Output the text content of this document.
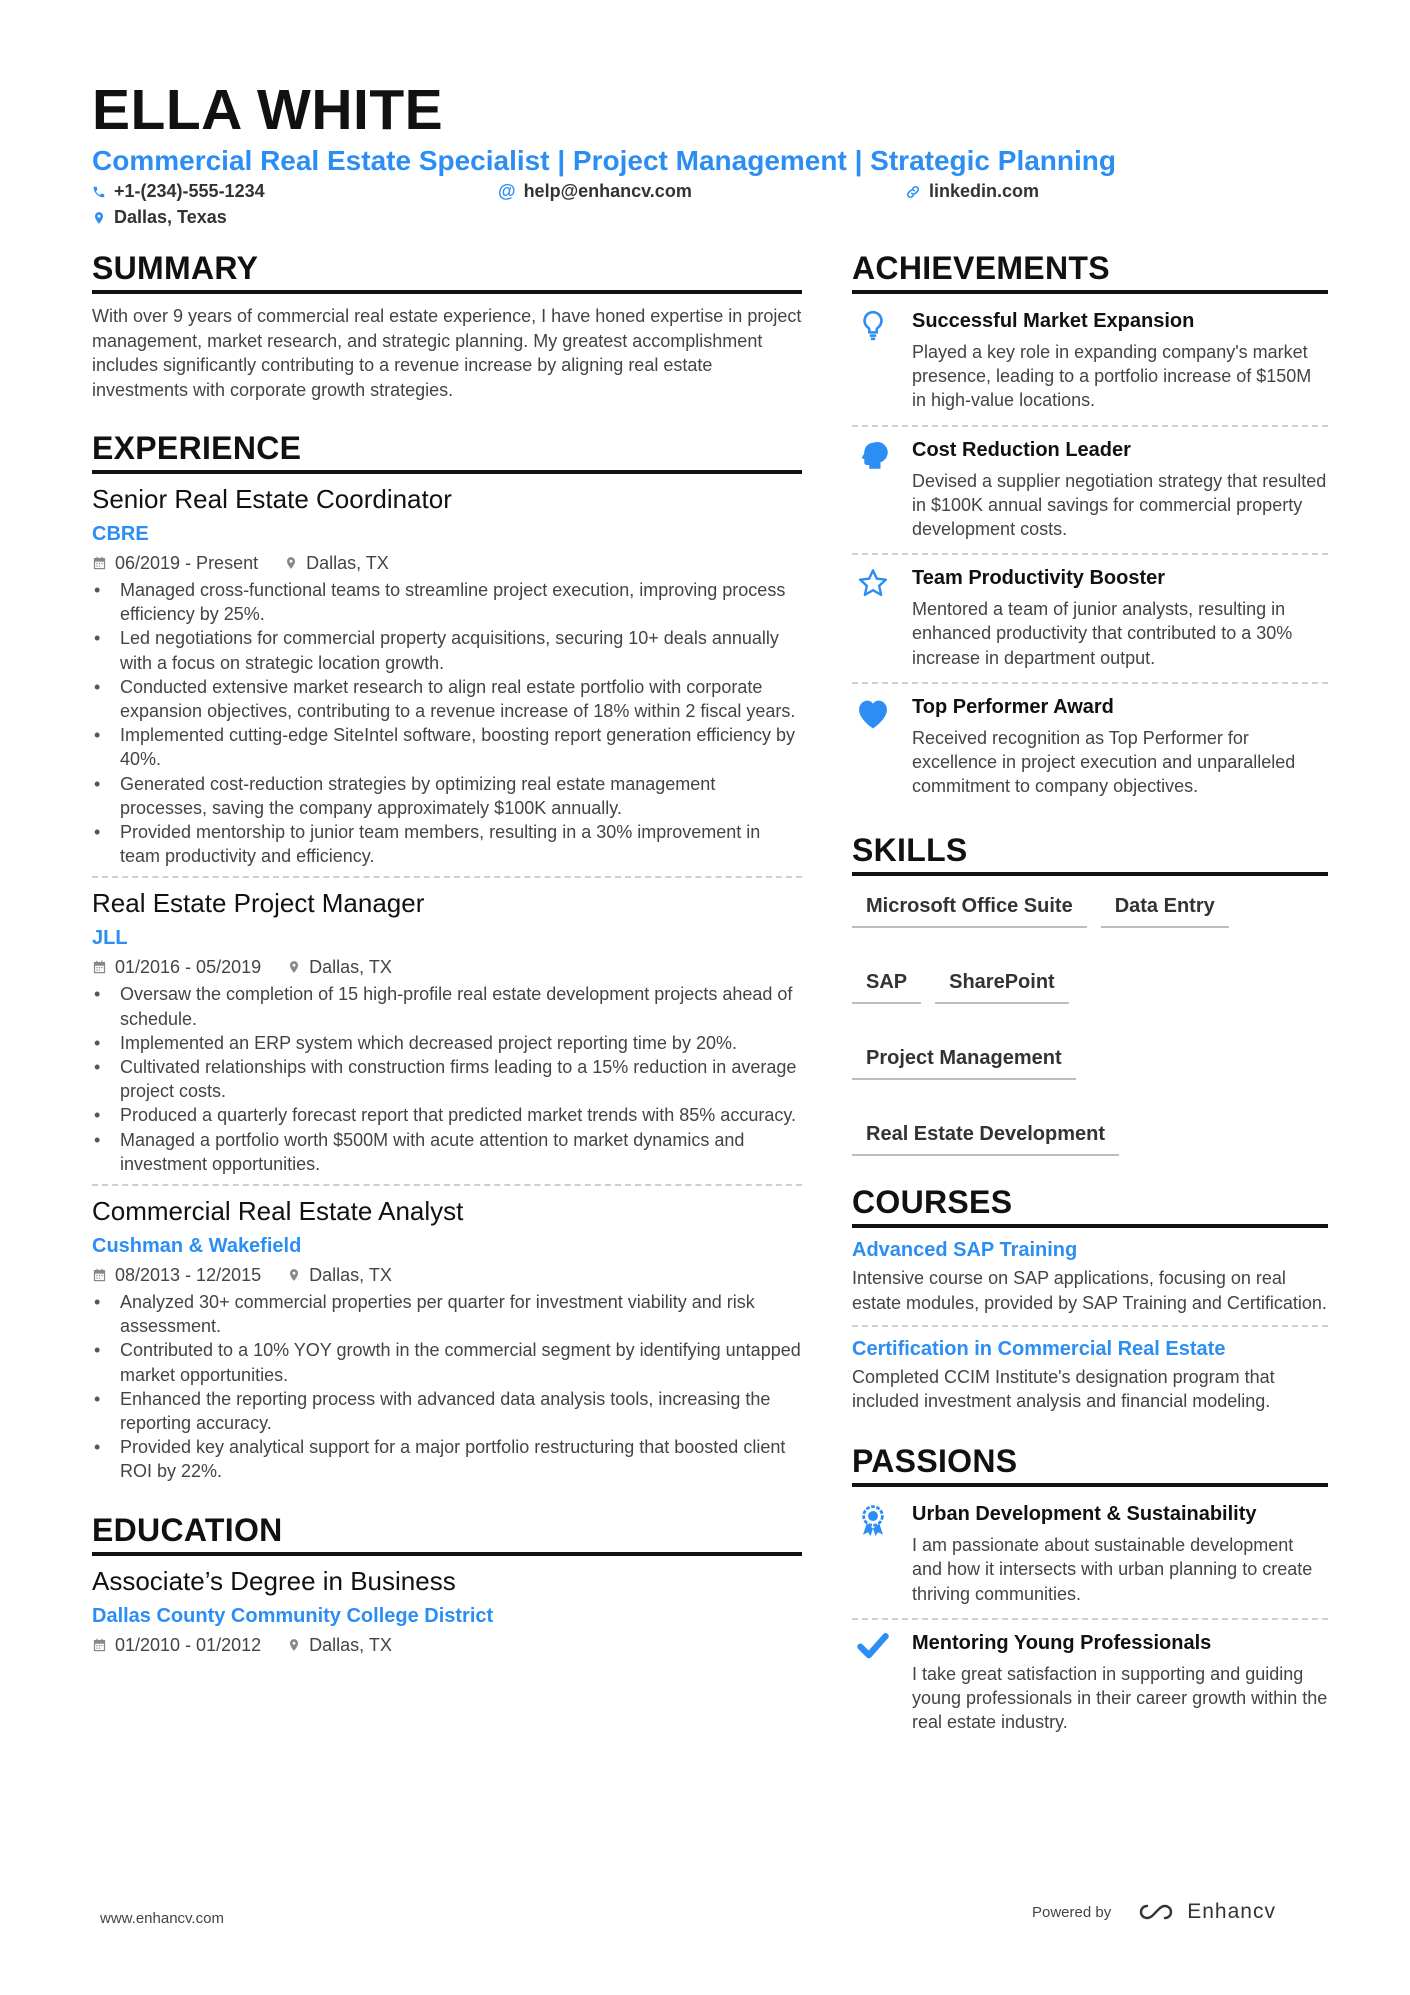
ELLA WHITE
Commercial Real Estate Specialist | Project Management | Strategic Planning
+1-(234)-555-1234	@ help@enhancv.com	linkedin.com
Dallas, Texas
SUMMARY
With over 9 years of commercial real estate experience, I have honed expertise in project management, market research, and strategic planning. My greatest accomplishment includes significantly contributing to a revenue increase by aligning real estate investments with corporate growth strategies.
EXPERIENCE
Senior Real Estate Coordinator
CBRE
06/2019 - Present	Dallas, TX
• Managed cross-functional teams to streamline project execution, improving process efficiency by 25%.
• Led negotiations for commercial property acquisitions, securing 10+ deals annually with a focus on strategic location growth.
• Conducted extensive market research to align real estate portfolio with corporate expansion objectives, contributing to a revenue increase of 18% within 2 fiscal years.
• Implemented cutting-edge SiteIntel software, boosting report generation efficiency by 40%.
• Generated cost-reduction strategies by optimizing real estate management processes, saving the company approximately $100K annually.
• Provided mentorship to junior team members, resulting in a 30% improvement in team productivity and efficiency.
Real Estate Project Manager
JLL
01/2016 - 05/2019	Dallas, TX
• Oversaw the completion of 15 high-profile real estate development projects ahead of schedule.
• Implemented an ERP system which decreased project reporting time by 20%.
• Cultivated relationships with construction firms leading to a 15% reduction in average project costs.
• Produced a quarterly forecast report that predicted market trends with 85% accuracy.
• Managed a portfolio worth $500M with acute attention to market dynamics and investment opportunities.
Commercial Real Estate Analyst
Cushman & Wakefield
08/2013 - 12/2015	Dallas, TX
• Analyzed 30+ commercial properties per quarter for investment viability and risk assessment.
• Contributed to a 10% YOY growth in the commercial segment by identifying untapped market opportunities.
• Enhanced the reporting process with advanced data analysis tools, increasing the reporting accuracy.
• Provided key analytical support for a major portfolio restructuring that boosted client ROI by 22%.
EDUCATION
Associate’s Degree in Business
Dallas County Community College District
01/2010 - 01/2012	Dallas, TX
ACHIEVEMENTS
Successful Market Expansion
Played a key role in expanding company's market presence, leading to a portfolio increase of $150M in high-value locations.
Cost Reduction Leader
Devised a supplier negotiation strategy that resulted in $100K annual savings for commercial property development costs.
Team Productivity Booster
Mentored a team of junior analysts, resulting in enhanced productivity that contributed to a 30% increase in department output.
Top Performer Award
Received recognition as Top Performer for excellence in project execution and unparalleled commitment to company objectives.
SKILLS
Microsoft Office Suite	Data Entry
SAP	SharePoint
Project Management
Real Estate Development
COURSES
Advanced SAP Training
Intensive course on SAP applications, focusing on real estate modules, provided by SAP Training and Certification.
Certification in Commercial Real Estate
Completed CCIM Institute's designation program that included investment analysis and financial modeling.
PASSIONS
Urban Development & Sustainability
I am passionate about sustainable development and how it intersects with urban planning to create thriving communities.
Mentoring Young Professionals
I take great satisfaction in supporting and guiding young professionals in their career growth within the real estate industry.
www.enhancv.com	Powered by	Enhancv
